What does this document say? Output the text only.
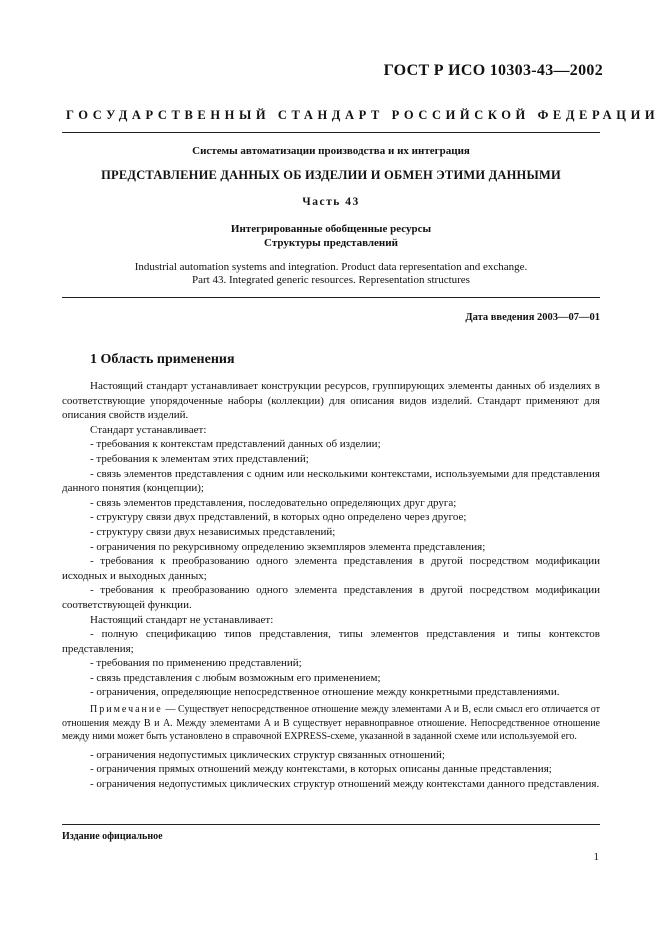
ГОСТ Р ИСО 10303-43—2002
ГОСУДАРСТВЕННЫЙ СТАНДАРТ РОССИЙСКОЙ ФЕДЕРАЦИИ
Системы автоматизации производства и их интеграция
ПРЕДСТАВЛЕНИЕ ДАННЫХ ОБ ИЗДЕЛИИ И ОБМЕН ЭТИМИ ДАННЫМИ
Часть 43
Интегрированные обобщенные ресурсы
Структуры представлений
Industrial automation systems and integration. Product data representation and exchange.
Part 43. Integrated generic resources. Representation structures
Дата введения 2003—07—01
1 Область применения

Настоящий стандарт устанавливает конструкции ресурсов, группирующих элементы данных об изделиях в соответствующие упорядоченные наборы (коллекции) для описания видов изделий. Стандарт применяют для описания свойств изделий.

Стандарт устанавливает:

- требования к контекстам представлений данных об изделии;

- требования к элементам этих представлений;

- связь элементов представления с одним или несколькими контекстами, используемыми для представления данного понятия (концепции);

- связь элементов представления, последовательно определяющих друг друга;

- структуру связи двух представлений, в которых одно определено через другое;

- структуру связи двух независимых представлений;

- ограничения по рекурсивному определению экземпляров элемента представления;

- требования к преобразованию одного элемента представления в другой посредством модификации исходных и выходных данных;

- требования к преобразованию одного элемента представления в другой посредством модификации соответствующей функции.

Настоящий стандарт не устанавливает:

- полную спецификацию типов представления, типы элементов представления и типы контекстов представления;

- требования по применению представлений;

- связь представления с любым возможным его применением;

- ограничения, определяющие непосредственное отношение между конкретными представлениями.

Примечание — Существует непосредственное отношение между элементами A и B, если смысл его отличается от отношения между B и A. Между элементами A и B существует неравноправное отношение. Непосредственное отношение между ними может быть установлено в справочной EXPRESS-схеме, указанной в заданной схеме или используемой его.

- ограничения недопустимых циклических структур связанных отношений;

- ограничения прямых отношений между контекстами, в которых описаны данные представления;

- ограничения недопустимых циклических структур отношений между контекстами данного представления.

Издание официальное
1
